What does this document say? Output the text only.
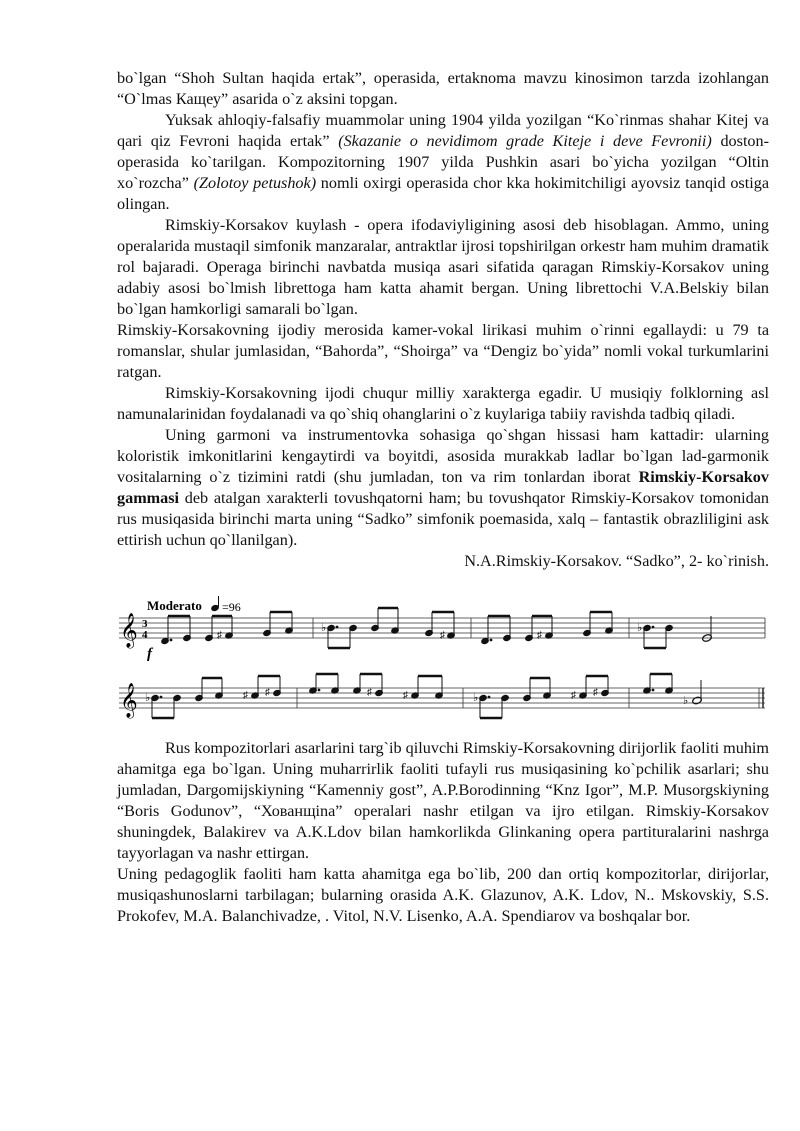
bo`lgan “Shoh Sultan haqida ertak”, operasida, ertaknoma mavzu kinosimon tarzda izohlangan “O`lmas Кащеу” asarida o`z aksini topgan.

Yuksak ahloqiy-falsafiy muammolar uning 1904 yilda yozilgan “Ko`rinmas shahar Kitej va qari qiz Fevroni haqida ertak” (Skazanie o nevidimom grade Kiteje i deve Fevronii) doston-operasida ko`tarilgan. Kompozitorning 1907 yilda Pushkin asari bo`yicha yozilgan “Oltin xo`rozcha” (Zolotoy petushok) nomli oxirgi operasida chor kka hokimitchiligi ayovsiz tanqid ostiga olingan.

Rimskiy-Korsakov kuylash - opera ifodaviyligining asosi deb hisoblagan. Ammo, uning operalarida mustaqil simfonik manzaralar, antraktlar ijrosi topshirilgan orkestr ham muhim dramatik rol bajaradi. Operaga birinchi navbatda musiqa asari sifatida qaragan Rimskiy-Korsakov uning adabiy asosi bo`lmish librettoga ham katta ahamit bergan. Uning librettochi V.A.Belskiy bilan bo`lgan hamkorligi samarali bo`lgan.

Rimskiy-Korsakovning ijodiy merosida kamer-vokal lirikasi muhim o`rinni egallaydi: u 79 ta romanslar, shular jumlasidan, “Bahorda”, “Shoirga” va “Dengiz bo`yida” nomli vokal turkumlarini ratgan.

Rimskiy-Korsakovning ijodi chuqur milliy xarakterga egadir. U musiqiy folklorning asl namunalarinidan foydalanadi va qo`shiq ohanglarini o`z kuylariga tabiiy ravishda tadbiq qiladi.

Uning garmoni va instrumentovka sohasiga qo`shgan hissasi ham kattadir: ularning koloristik imkonitlarini kengaytirdi va boyitdi, asosida murakkab ladlar bo`lgan lad-garmonik vositalarning o`z tizimini ratdi (shu jumladan, ton va rim tonlardan iborat Rimskiy-Korsakov gammasi deb atalgan xarakterli tovushqatorni ham; bu tovushqator Rimskiy-Korsakov tomonidan rus musiqasida birinchi marta uning “Sadko” simfonik poemasida, xalq – fantastik obrazliligini ask ettirish uchun qo`llanilgan).

N.A.Rimskiy-Korsakov. “Sadko”, 2- ko`rinish.

Moderato =96
𝄞 3
4
f
♯
♭
♯	♯
♭
𝄞 ♭	♯ ♯	♯	♯	♭	♯ ♯
♭

Rus kompozitorlari asarlarini targ`ib qiluvchi Rimskiy-Korsakovning dirijorlik faoliti muhim ahamitga ega bo`lgan. Uning muharrirlik faoliti tufayli rus musiqasining ko`pchilik asarlari; shu jumladan, Dargomijskiyning “Kamenniy gost”, A.P.Borodinning “Knz Igor”, M.P. Musorgskiyning “Boris Godunov”, “Хованщina” operalari nashr etilgan va ijro etilgan. Rimskiy-Korsakov shuningdek, Balakirev va A.K.Ldov bilan hamkorlikda Glinkaning opera partituralarini nashrga tayyorlagan va nashr ettirgan.

Uning pedagoglik faoliti ham katta ahamitga ega bo`lib, 200 dan ortiq kompozitorlar, dirijorlar, musiqashunoslarni tarbilagan; bularning orasida A.K. Glazunov, A.K. Ldov, N.. Mskovskiy, S.S. Prokofev, M.A. Balanchivadze, . Vitol, N.V. Lisenko, A.A. Spendiarov va boshqalar bor.
